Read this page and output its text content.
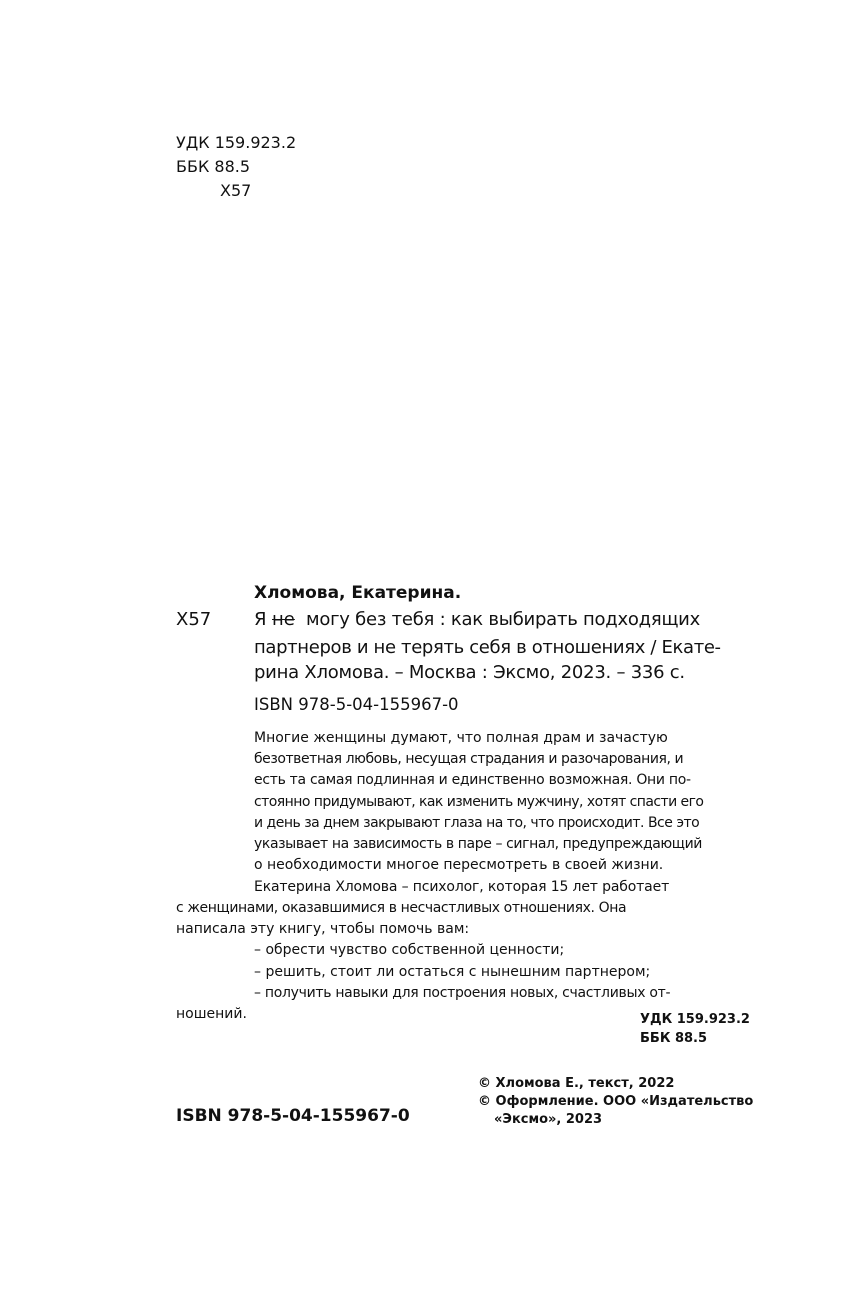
УДК 159.923.2
ББК 88.5
Х57
Хломова, Екатерина.
Х57 Я не могу без тебя : как выбирать подходящих
партнеров и не терять себя в отношениях / Екате-
рина Хломова. – Москва : Эксмо, 2023. – 336 с.
ISBN 978-5-04-155967-0
Многие женщины думают, что полная драм и зачастую
безответная любовь, несущая страдания и разочарования, и
есть та самая подлинная и единственно возможная. Они по-
стоянно придумывают, как изменить мужчину, хотят спасти его
и день за днем закрывают глаза на то, что происходит. Все это
указывает на зависимость в паре – сигнал, предупреждающий
о необходимости многое пересмотреть в своей жизни.
Екатерина Хломова – психолог, которая 15 лет работает
с женщинами, оказавшимися в несчастливых отношениях. Она
написала эту книгу, чтобы помочь вам:
– обрести чувство собственной ценности;
– решить, стоит ли остаться с нынешним партнером;
– получить навыки для построения новых, счастливых от-
ношений.	УДК 159.923.2
ББК 88.5
ISBN 978-5-04-155967-0
© Хломова Е., текст, 2022
© Оформление. ООО «Издательство
«Эксмо», 2023
